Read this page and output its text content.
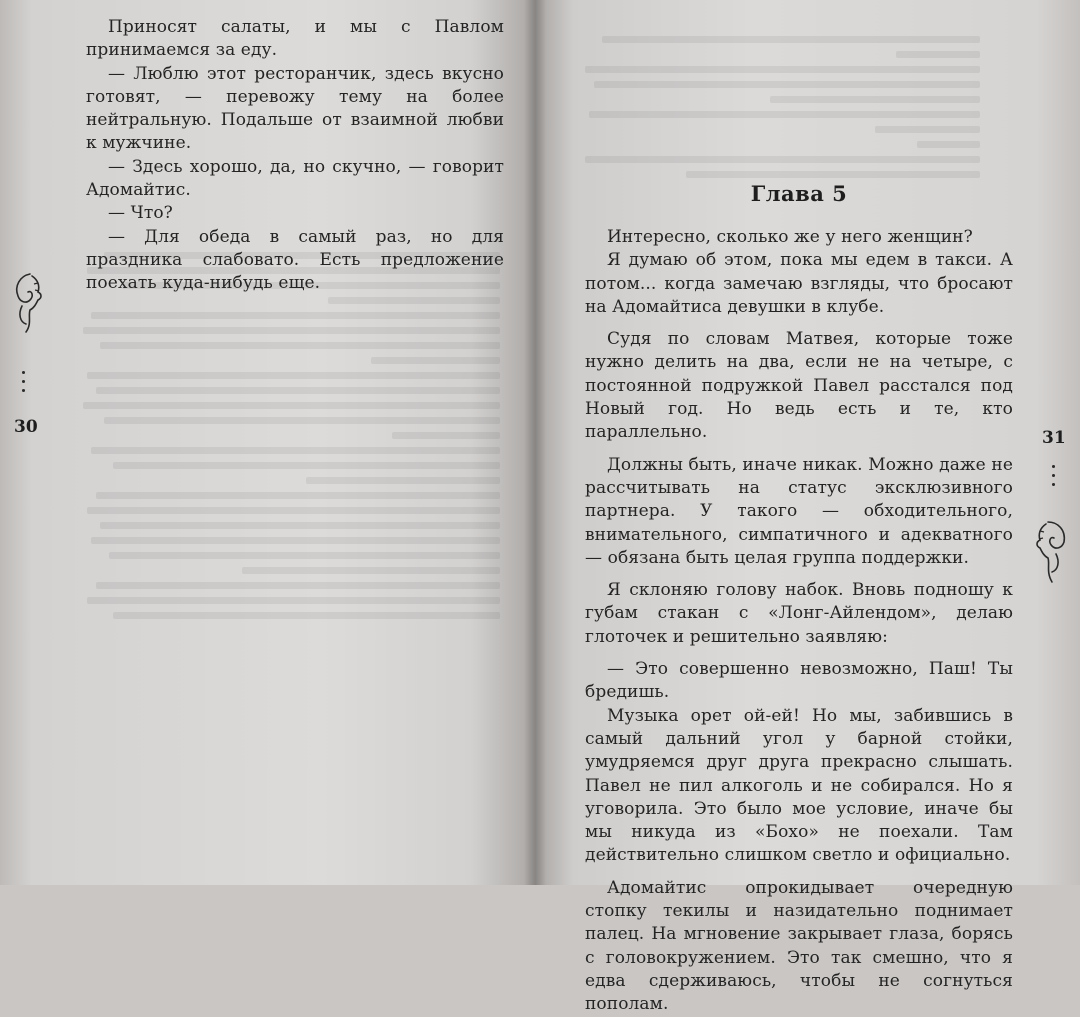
Приносят салаты, и мы с Павлом принимаемся за еду.

— Люблю этот ресторанчик, здесь вкусно готовят, — перевожу тему на более нейтральную. Подальше от взаимной любви к мужчине.

— Здесь хорошо, да, но скучно, — говорит Адомайтис.

— Что?

— Для обеда в самый раз, но для праздника слабовато. Есть предложение поехать куда-нибудь еще.

30
Глава 5

Интересно, сколько же у него женщин?

Я думаю об этом, пока мы едем в такси. А потом... когда замечаю взгляды, что бросают на Адомайтиса девушки в клубе.

Судя по словам Матвея, которые тоже нужно делить на два, если не на четыре, с постоянной подружкой Павел расстался под Новый год. Но ведь есть и те, кто параллельно.

Должны быть, иначе никак. Можно даже не рассчитывать на статус эксклюзивного партнера. У такого — обходительного, внимательного, симпатичного и адекватного — обязана быть целая группа поддержки.

Я склоняю голову набок. Вновь подношу к губам стакан с «Лонг-Айлендом», делаю глоточек и решительно заявляю:

— Это совершенно невозможно, Паш! Ты бредишь.

Музыка орет ой-ей! Но мы, забившись в самый дальний угол у барной стойки, умудряемся друг друга прекрасно слышать. Павел не пил алкоголь и не собирался. Но я уговорила. Это было мое условие, иначе бы мы никуда из «Бохо» не поехали. Там действительно слишком светло и официально.

Адомайтис опрокидывает очередную стопку текилы и назидательно поднимает палец. На мгновение закрывает глаза, борясь с головокружением. Это так смешно, что я едва сдерживаюсь, чтобы не согнуться пополам.

31
